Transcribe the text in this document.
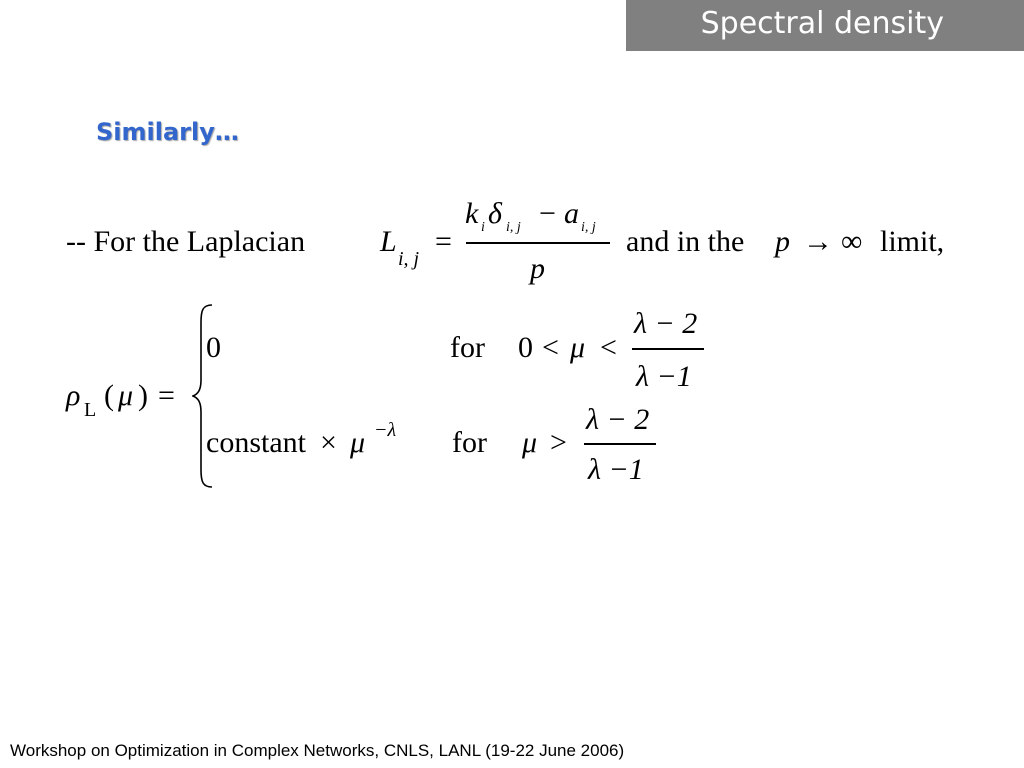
Spectral density
Similarly…
-- For the Laplacian L
i, j
=
k i δ i, j − a i, j
p
and in the p → ∞ limit,
ρ L ( μ ) =
0	for 0 < μ <
λ − 2
λ −1
constant × μ −λ for μ >
λ − 2
λ −1
Workshop on Optimization in Complex Networks, CNLS, LANL (19-22 June 2006)
